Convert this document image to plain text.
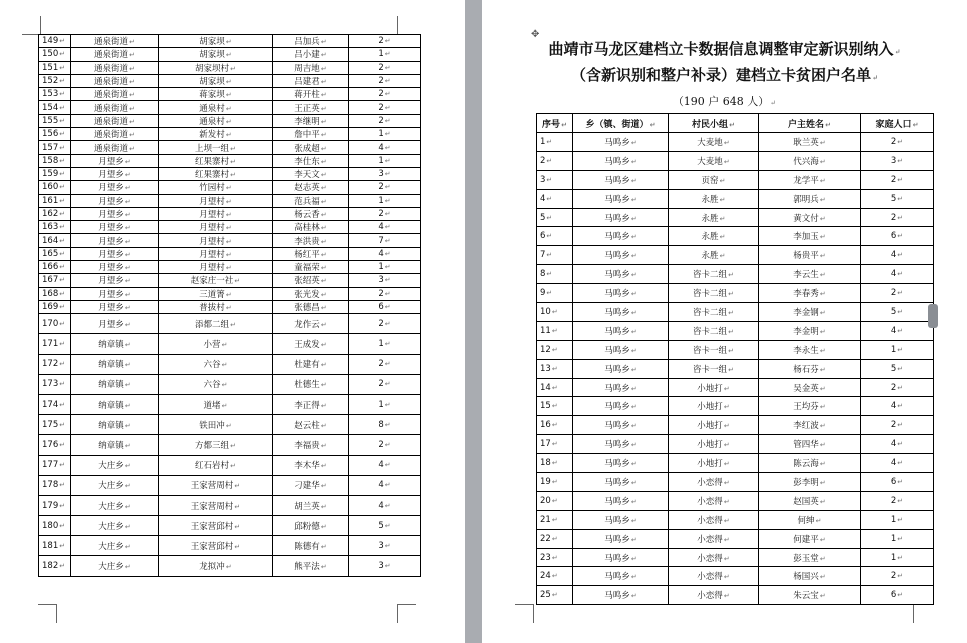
149↵	通泉街道↵	胡家坝↵	吕加兵↵	2↵
150↵	通泉街道↵	胡家坝↵	吕小建↵	1↵
151↵	通泉街道↵	胡家坝村↵	周吉地↵	2↵
152↵	通泉街道↵	胡家坝↵	吕建君↵	2↵
153↵	通泉街道↵	蒋家坝↵	蒋开柱↵	2↵
154↵	通泉街道↵	通泉村↵	王正英↵	2↵
155↵	通泉街道↵	通泉村↵	李继明↵	2↵
156↵	通泉街道↵	新发村↵	詹中平↵	1↵
157↵	通泉街道↵	上坝一组↵	张成超↵	4↵
158↵	月望乡↵	红果寨村↵	李仕东↵	1↵
159↵	月望乡↵	红果寨村↵	李天文↵	3↵
160↵	月望乡↵	竹园村↵	赵志英↵	2↵
161↵	月望乡↵	月望村↵	范兵福↵	1↵
162↵	月望乡↵	月望村↵	杨云香↵	2↵
163↵	月望乡↵	月望村↵	高桂林↵	4↵
164↵	月望乡↵	月望村↵	李洪贵↵	7↵
165↵	月望乡↵	月望村↵	杨红平↵	4↵
166↵	月望乡↵	月望村↵	童福荣↵	1↵
167↵	月望乡↵	赵家庄一社↵	张绍英↵	3↵
168↵	月望乡↵	三道箐↵	张光发↵	2↵
169↵	月望乡↵	普拔村↵	张德昌↵	6↵
170↵	月望乡↵	添都二组↵	龙作云↵	2↵
171↵	纳章镇↵	小营↵	王成发↵	1↵
172↵	纳章镇↵	六谷↵	杜建有↵	2↵
173↵	纳章镇↵	六谷↵	杜德生↵	2↵
174↵	纳章镇↵	道堵↵	李正得↵	1↵
175↵	纳章镇↵	铁田冲↵	赵云柱↵	8↵
176↵	纳章镇↵	方都三组↵	李福贵↵	2↵
177↵	大庄乡↵	红石岩村↵	李木华↵	4↵
178↵	大庄乡↵	王家营周村↵	刁建华↵	4↵
179↵	大庄乡↵	王家营周村↵	胡兰英↵	4↵
180↵	大庄乡↵	王家营邱村↵	邱粉德↵	5↵
181↵	大庄乡↵	王家营邱村↵	陈德有↵	3↵
182↵	大庄乡↵	龙拟冲↵	熊平法↵	3↵
✥
曲靖市马龙区建档立卡数据信息调整审定新识别纳入↵
（含新识别和整户补录）建档立卡贫困户名单↵
（190 户 648 人）↵
序号↵	乡（镇、街道）↵	村民小组↵	户主姓名↵	家庭人口↵
1↵	马鸣乡↵	大麦地↵	耿兰英↵	2↵
2↵	马鸣乡↵	大麦地↵	代兴海↵	3↵
3↵	马鸣乡↵	页窑↵	龙学平↵	2↵
4↵	马鸣乡↵	永胜↵	郭明兵↵	5↵
5↵	马鸣乡↵	永胜↵	黄文付↵	2↵
6↵	马鸣乡↵	永胜↵	李加玉↵	6↵
7↵	马鸣乡↵	永胜↵	杨贵平↵	4↵
8↵	马鸣乡↵	咨卡二组↵	李云生↵	4↵
9↵	马鸣乡↵	咨卡二组↵	李春秀↵	2↵
10↵	马鸣乡↵	咨卡二组↵	李金钢↵	5↵
11↵	马鸣乡↵	咨卡二组↵	李金明↵	4↵
12↵	马鸣乡↵	咨卡一组↵	李永生↵	1↵
13↵	马鸣乡↵	咨卡一组↵	杨石芬↵	5↵
14↵	马鸣乡↵	小地打↵	吴金英↵	2↵
15↵	马鸣乡↵	小地打↵	王均芬↵	4↵
16↵	马鸣乡↵	小地打↵	李红波↵	2↵
17↵	马鸣乡↵	小地打↵	管四华↵	4↵
18↵	马鸣乡↵	小地打↵	陈云海↵	4↵
19↵	马鸣乡↵	小恋得↵	彭李明↵	6↵
20↵	马鸣乡↵	小恋得↵	赵国英↵	2↵
21↵	马鸣乡↵	小恋得↵	何绅↵	1↵
22↵	马鸣乡↵	小恋得↵	何建平↵	1↵
23↵	马鸣乡↵	小恋得↵	彭玉堂↵	1↵
24↵	马鸣乡↵	小恋得↵	杨国兴↵	2↵
25↵	马鸣乡↵	小恋得↵	朱云宝↵	6↵
